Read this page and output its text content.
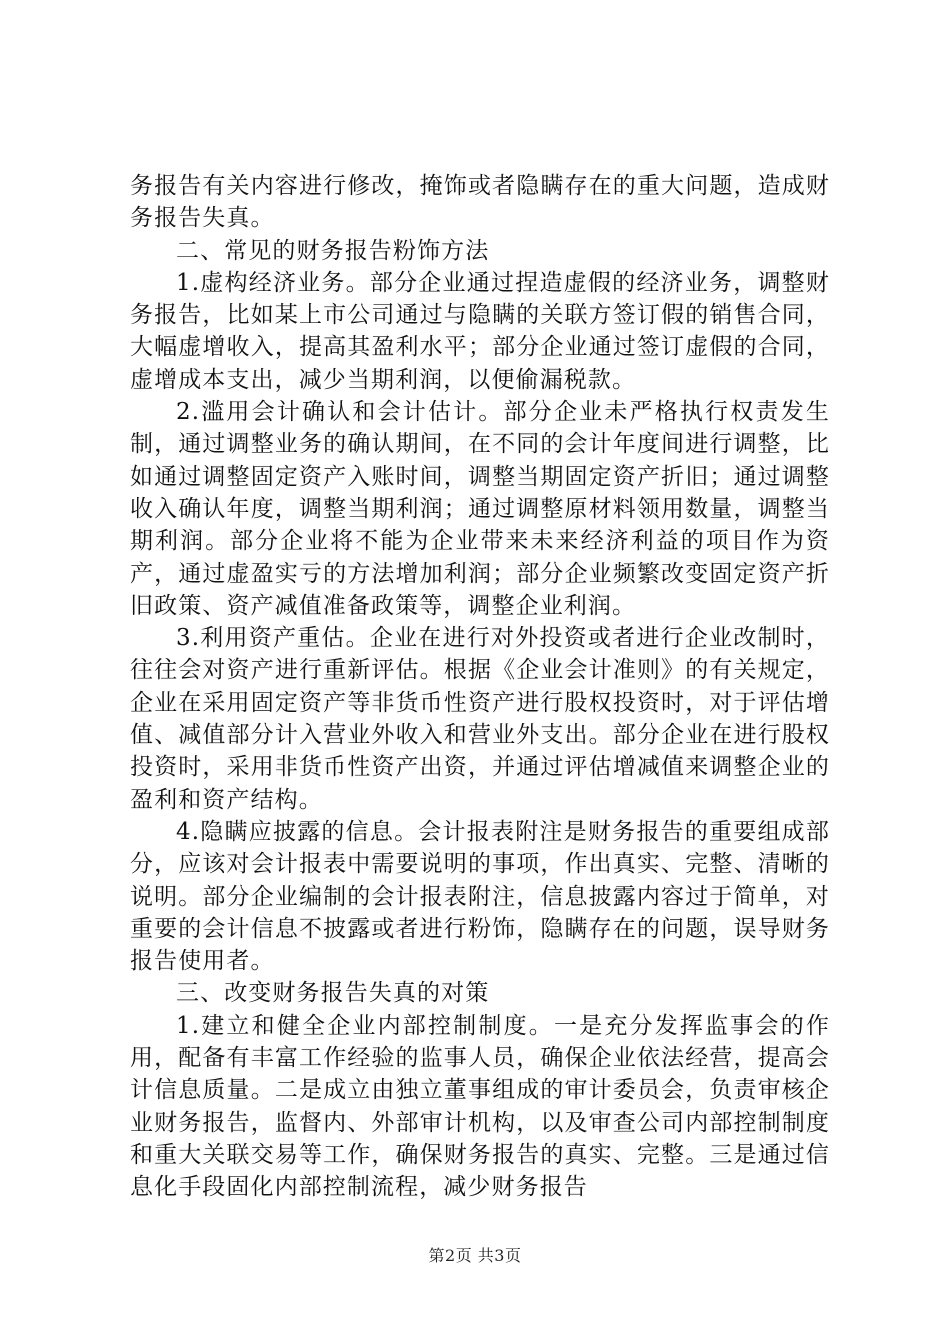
务报告有关内容进行修改，掩饰或者隐瞒存在的重大问题，造成财务报告失真。

二、常见的财务报告粉饰方法

1.虚构经济业务。部分企业通过捏造虚假的经济业务，调整财务报告，比如某上市公司通过与隐瞒的关联方签订假的销售合同，大幅虚增收入，提高其盈利水平；部分企业通过签订虚假的合同，虚增成本支出，减少当期利润，以便偷漏税款。

2.滥用会计确认和会计估计。部分企业未严格执行权责发生制，通过调整业务的确认期间，在不同的会计年度间进行调整，比如通过调整固定资产入账时间，调整当期固定资产折旧；通过调整收入确认年度，调整当期利润；通过调整原材料领用数量，调整当期利润。部分企业将不能为企业带来未来经济利益的项目作为资产，通过虚盈实亏的方法增加利润；部分企业频繁改变固定资产折旧政策、资产减值准备政策等，调整企业利润。

3.利用资产重估。企业在进行对外投资或者进行企业改制时，往往会对资产进行重新评估。根据《企业会计准则》的有关规定，企业在采用固定资产等非货币性资产进行股权投资时，对于评估增值、减值部分计入营业外收入和营业外支出。部分企业在进行股权投资时，采用非货币性资产出资，并通过评估增减值来调整企业的盈利和资产结构。

4.隐瞒应披露的信息。会计报表附注是财务报告的重要组成部分，应该对会计报表中需要说明的事项，作出真实、完整、清晰的说明。部分企业编制的会计报表附注，信息披露内容过于简单，对重要的会计信息不披露或者进行粉饰，隐瞒存在的问题，误导财务报告使用者。

三、改变财务报告失真的对策

1.建立和健全企业内部控制制度。一是充分发挥监事会的作用，配备有丰富工作经验的监事人员，确保企业依法经营，提高会计信息质量。二是成立由独立董事组成的审计委员会，负责审核企业财务报告，监督内、外部审计机构，以及审查公司内部控制制度和重大关联交易等工作，确保财务报告的真实、完整。三是通过信息化手段固化内部控制流程，减少财务报告

第2页 共3页
